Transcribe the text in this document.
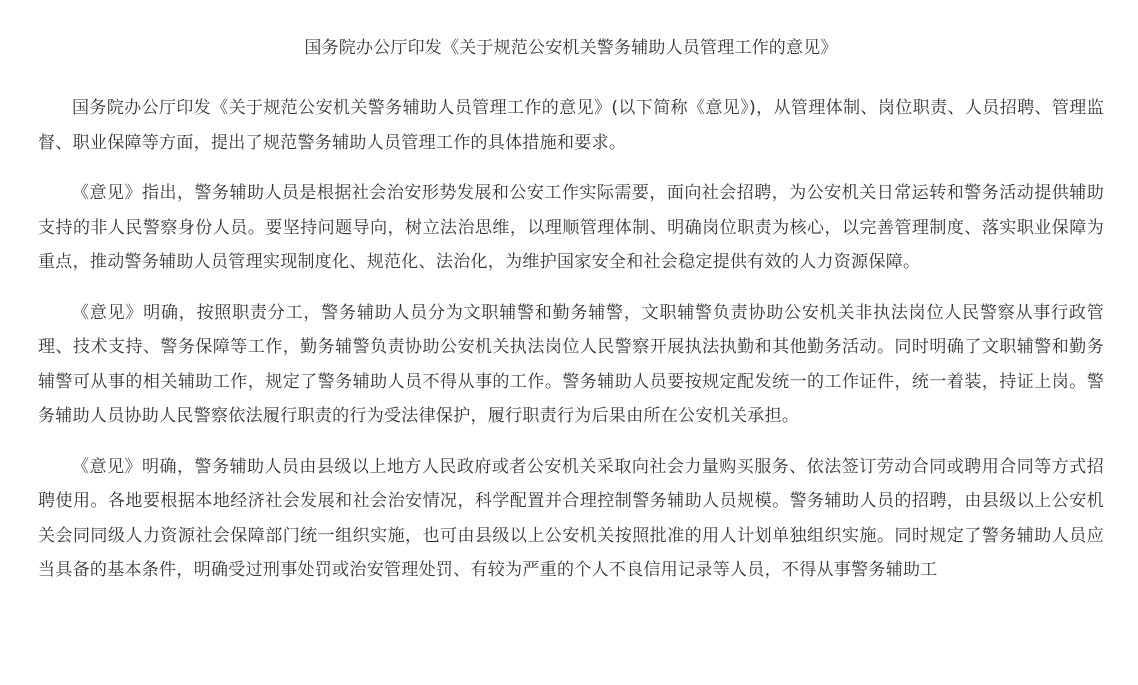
国务院办公厅印发《关于规范公安机关警务辅助人员管理工作的意见》

国务院办公厅印发《关于规范公安机关警务辅助人员管理工作的意见》(以下简称《意见》)，从管理体制、岗位职责、人员招聘、管理监督、职业保障等方面，提出了规范警务辅助人员管理工作的具体措施和要求。

《意见》指出，警务辅助人员是根据社会治安形势发展和公安工作实际需要，面向社会招聘，为公安机关日常运转和警务活动提供辅助支持的非人民警察身份人员。要坚持问题导向，树立法治思维，以理顺管理体制、明确岗位职责为核心，以完善管理制度、落实职业保障为重点，推动警务辅助人员管理实现制度化、规范化、法治化，为维护国家安全和社会稳定提供有效的人力资源保障。

《意见》明确，按照职责分工，警务辅助人员分为文职辅警和勤务辅警，文职辅警负责协助公安机关非执法岗位人民警察从事行政管理、技术支持、警务保障等工作，勤务辅警负责协助公安机关执法岗位人民警察开展执法执勤和其他勤务活动。同时明确了文职辅警和勤务辅警可从事的相关辅助工作，规定了警务辅助人员不得从事的工作。警务辅助人员要按规定配发统一的工作证件，统一着装，持证上岗。警务辅助人员协助人民警察依法履行职责的行为受法律保护，履行职责行为后果由所在公安机关承担。

《意见》明确，警务辅助人员由县级以上地方人民政府或者公安机关采取向社会力量购买服务、依法签订劳动合同或聘用合同等方式招聘使用。各地要根据本地经济社会发展和社会治安情况，科学配置并合理控制警务辅助人员规模。警务辅助人员的招聘，由县级以上公安机关会同同级人力资源社会保障部门统一组织实施，也可由县级以上公安机关按照批准的用人计划单独组织实施。同时规定了警务辅助人员应当具备的基本条件，明确受过刑事处罚或治安管理处罚、有较为严重的个人不良信用记录等人员，不得从事警务辅助工
